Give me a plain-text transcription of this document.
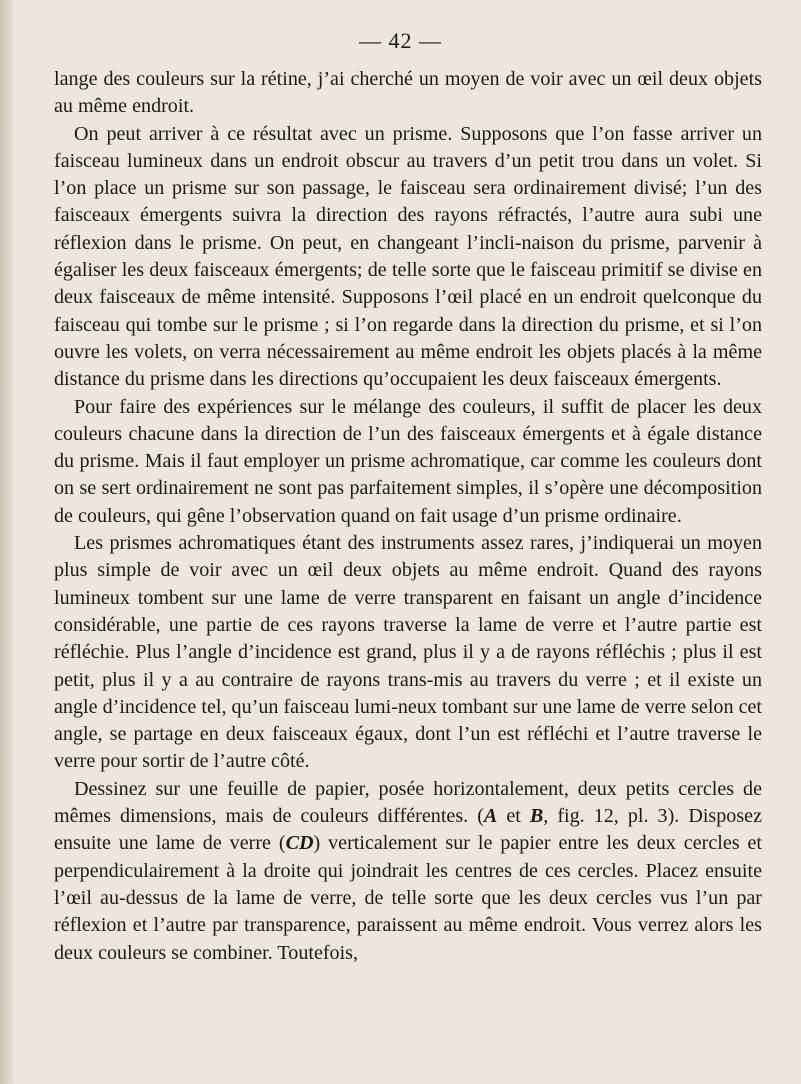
— 42 —

lange des couleurs sur la rétine, j’ai cherché un moyen de voir avec un œil deux objets au même endroit.

On peut arriver à ce résultat avec un prisme. Supposons que l’on fasse arriver un faisceau lumineux dans un endroit obscur au travers d’un petit trou dans un volet. Si l’on place un prisme sur son passage, le faisceau sera ordinairement divisé; l’un des faisceaux émergents suivra la direction des rayons réfractés, l’autre aura subi une réflexion dans le prisme. On peut, en changeant l’incli-naison du prisme, parvenir à égaliser les deux faisceaux émergents; de telle sorte que le faisceau primitif se divise en deux faisceaux de même intensité. Supposons l’œil placé en un endroit quelconque du faisceau qui tombe sur le prisme ; si l’on regarde dans la direction du prisme, et si l’on ouvre les volets, on verra nécessairement au même endroit les objets placés à la même distance du prisme dans les directions qu’occupaient les deux faisceaux émergents.

Pour faire des expériences sur le mélange des couleurs, il suffit de placer les deux couleurs chacune dans la direction de l’un des faisceaux émergents et à égale distance du prisme. Mais il faut employer un prisme achromatique, car comme les couleurs dont on se sert ordinairement ne sont pas parfaitement simples, il s’opère une décomposition de couleurs, qui gêne l’observation quand on fait usage d’un prisme ordinaire.

Les prismes achromatiques étant des instruments assez rares, j’indiquerai un moyen plus simple de voir avec un œil deux objets au même endroit. Quand des rayons lumineux tombent sur une lame de verre transparent en faisant un angle d’incidence considérable, une partie de ces rayons traverse la lame de verre et l’autre partie est réfléchie. Plus l’angle d’incidence est grand, plus il y a de rayons réfléchis ; plus il est petit, plus il y a au contraire de rayons trans-mis au travers du verre ; et il existe un angle d’incidence tel, qu’un faisceau lumi-neux tombant sur une lame de verre selon cet angle, se partage en deux faisceaux égaux, dont l’un est réfléchi et l’autre traverse le verre pour sortir de l’autre côté.

Dessinez sur une feuille de papier, posée horizontalement, deux petits cercles de mêmes dimensions, mais de couleurs différentes. (A et B, fig. 12, pl. 3). Disposez ensuite une lame de verre (CD) verticalement sur le papier entre les deux cercles et perpendiculairement à la droite qui joindrait les centres de ces cercles. Placez ensuite l’œil au-dessus de la lame de verre, de telle sorte que les deux cercles vus l’un par réflexion et l’autre par transparence, paraissent au même endroit. Vous verrez alors les deux couleurs se combiner. Toutefois,
